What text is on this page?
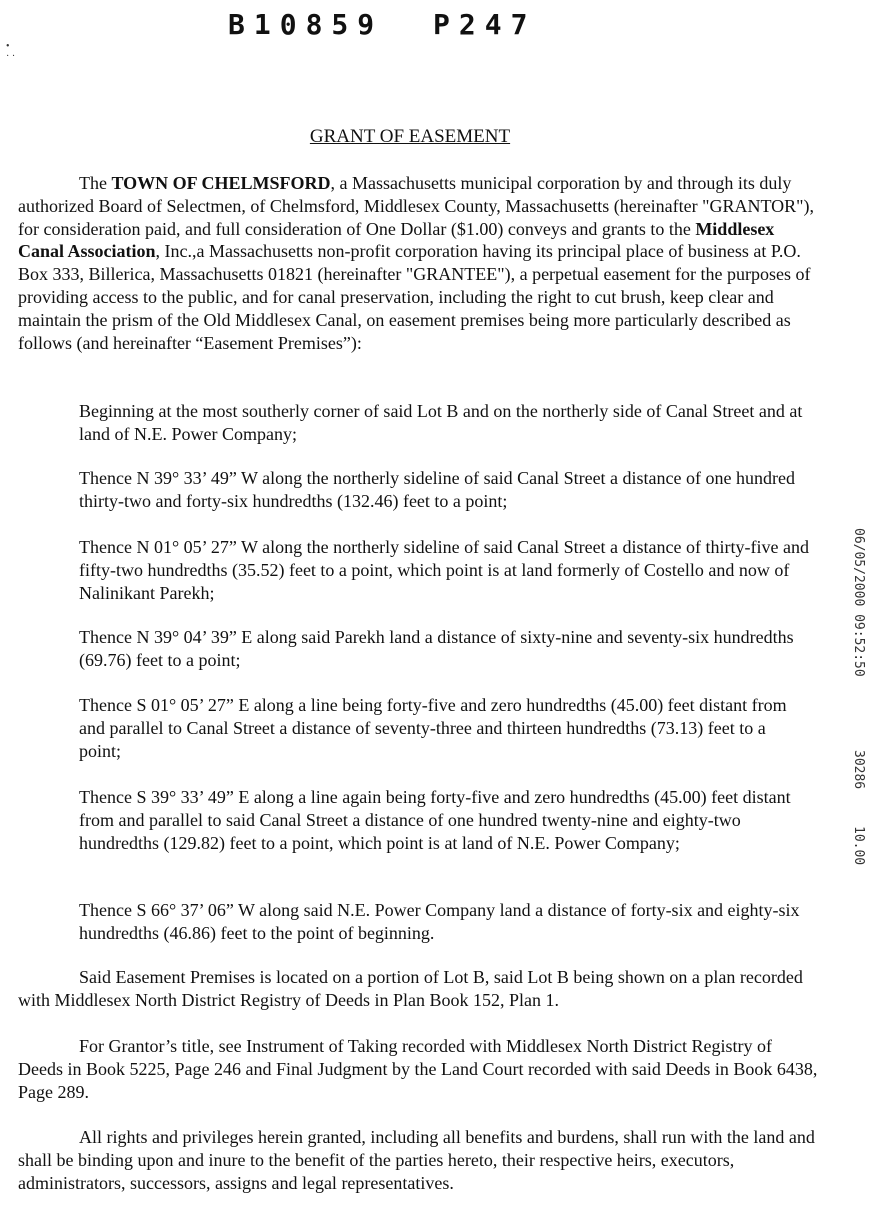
B10859 P247
•
· ·
GRANT OF EASEMENT

The TOWN OF CHELMSFORD, a Massachusetts municipal corporation by and through its duly authorized Board of Selectmen, of Chelmsford, Middlesex County, Massachusetts (hereinafter "GRANTOR"), for consideration paid, and full consideration of One Dollar ($1.00) conveys and grants to the Middlesex Canal Association, Inc.,a Massachusetts non-profit corporation having its principal place of business at P.O. Box 333, Billerica, Massachusetts 01821 (hereinafter "GRANTEE"), a perpetual easement for the purposes of providing access to the public, and for canal preservation, including the right to cut brush, keep clear and maintain the prism of the Old Middlesex Canal, on easement premises being more particularly described as follows (and hereinafter “Easement Premises”):

Beginning at the most southerly corner of said Lot B and on the northerly side of Canal Street and at land of N.E. Power Company;

Thence N 39° 33’ 49” W along the northerly sideline of said Canal Street a distance of one hundred thirty-two and forty-six hundredths (132.46) feet to a point;

Thence N 01° 05’ 27” W along the northerly sideline of said Canal Street a distance of thirty-five and fifty-two hundredths (35.52) feet to a point, which point is at land formerly of Costello and now of Nalinikant Parekh;

Thence N 39° 04’ 39” E along said Parekh land a distance of sixty-nine and seventy-six hundredths (69.76) feet to a point;

Thence S 01° 05’ 27” E along a line being forty-five and zero hundredths (45.00) feet distant from and parallel to Canal Street a distance of seventy-three and thirteen hundredths (73.13) feet to a point;

Thence S 39° 33’ 49” E along a line again being forty-five and zero hundredths (45.00) feet distant from and parallel to said Canal Street a distance of one hundred twenty-nine and eighty-two hundredths (129.82) feet to a point, which point is at land of N.E. Power Company;

Thence S 66° 37’ 06” W along said N.E. Power Company land a distance of forty-six and eighty-six hundredths (46.86) feet to the point of beginning.

Said Easement Premises is located on a portion of Lot B, said Lot B being shown on a plan recorded with Middlesex North District Registry of Deeds in Plan Book 152, Plan 1.

For Grantor’s title, see Instrument of Taking recorded with Middlesex North District Registry of Deeds in Book 5225, Page 246 and Final Judgment by the Land Court recorded with said Deeds in Book 6438, Page 289.

All rights and privileges herein granted, including all benefits and burdens, shall run with the land and shall be binding upon and inure to the benefit of the parties hereto, their respective heirs, executors, administrators, successors, assigns and legal representatives.

06/05/2000 09:52:50
30286
10.00
